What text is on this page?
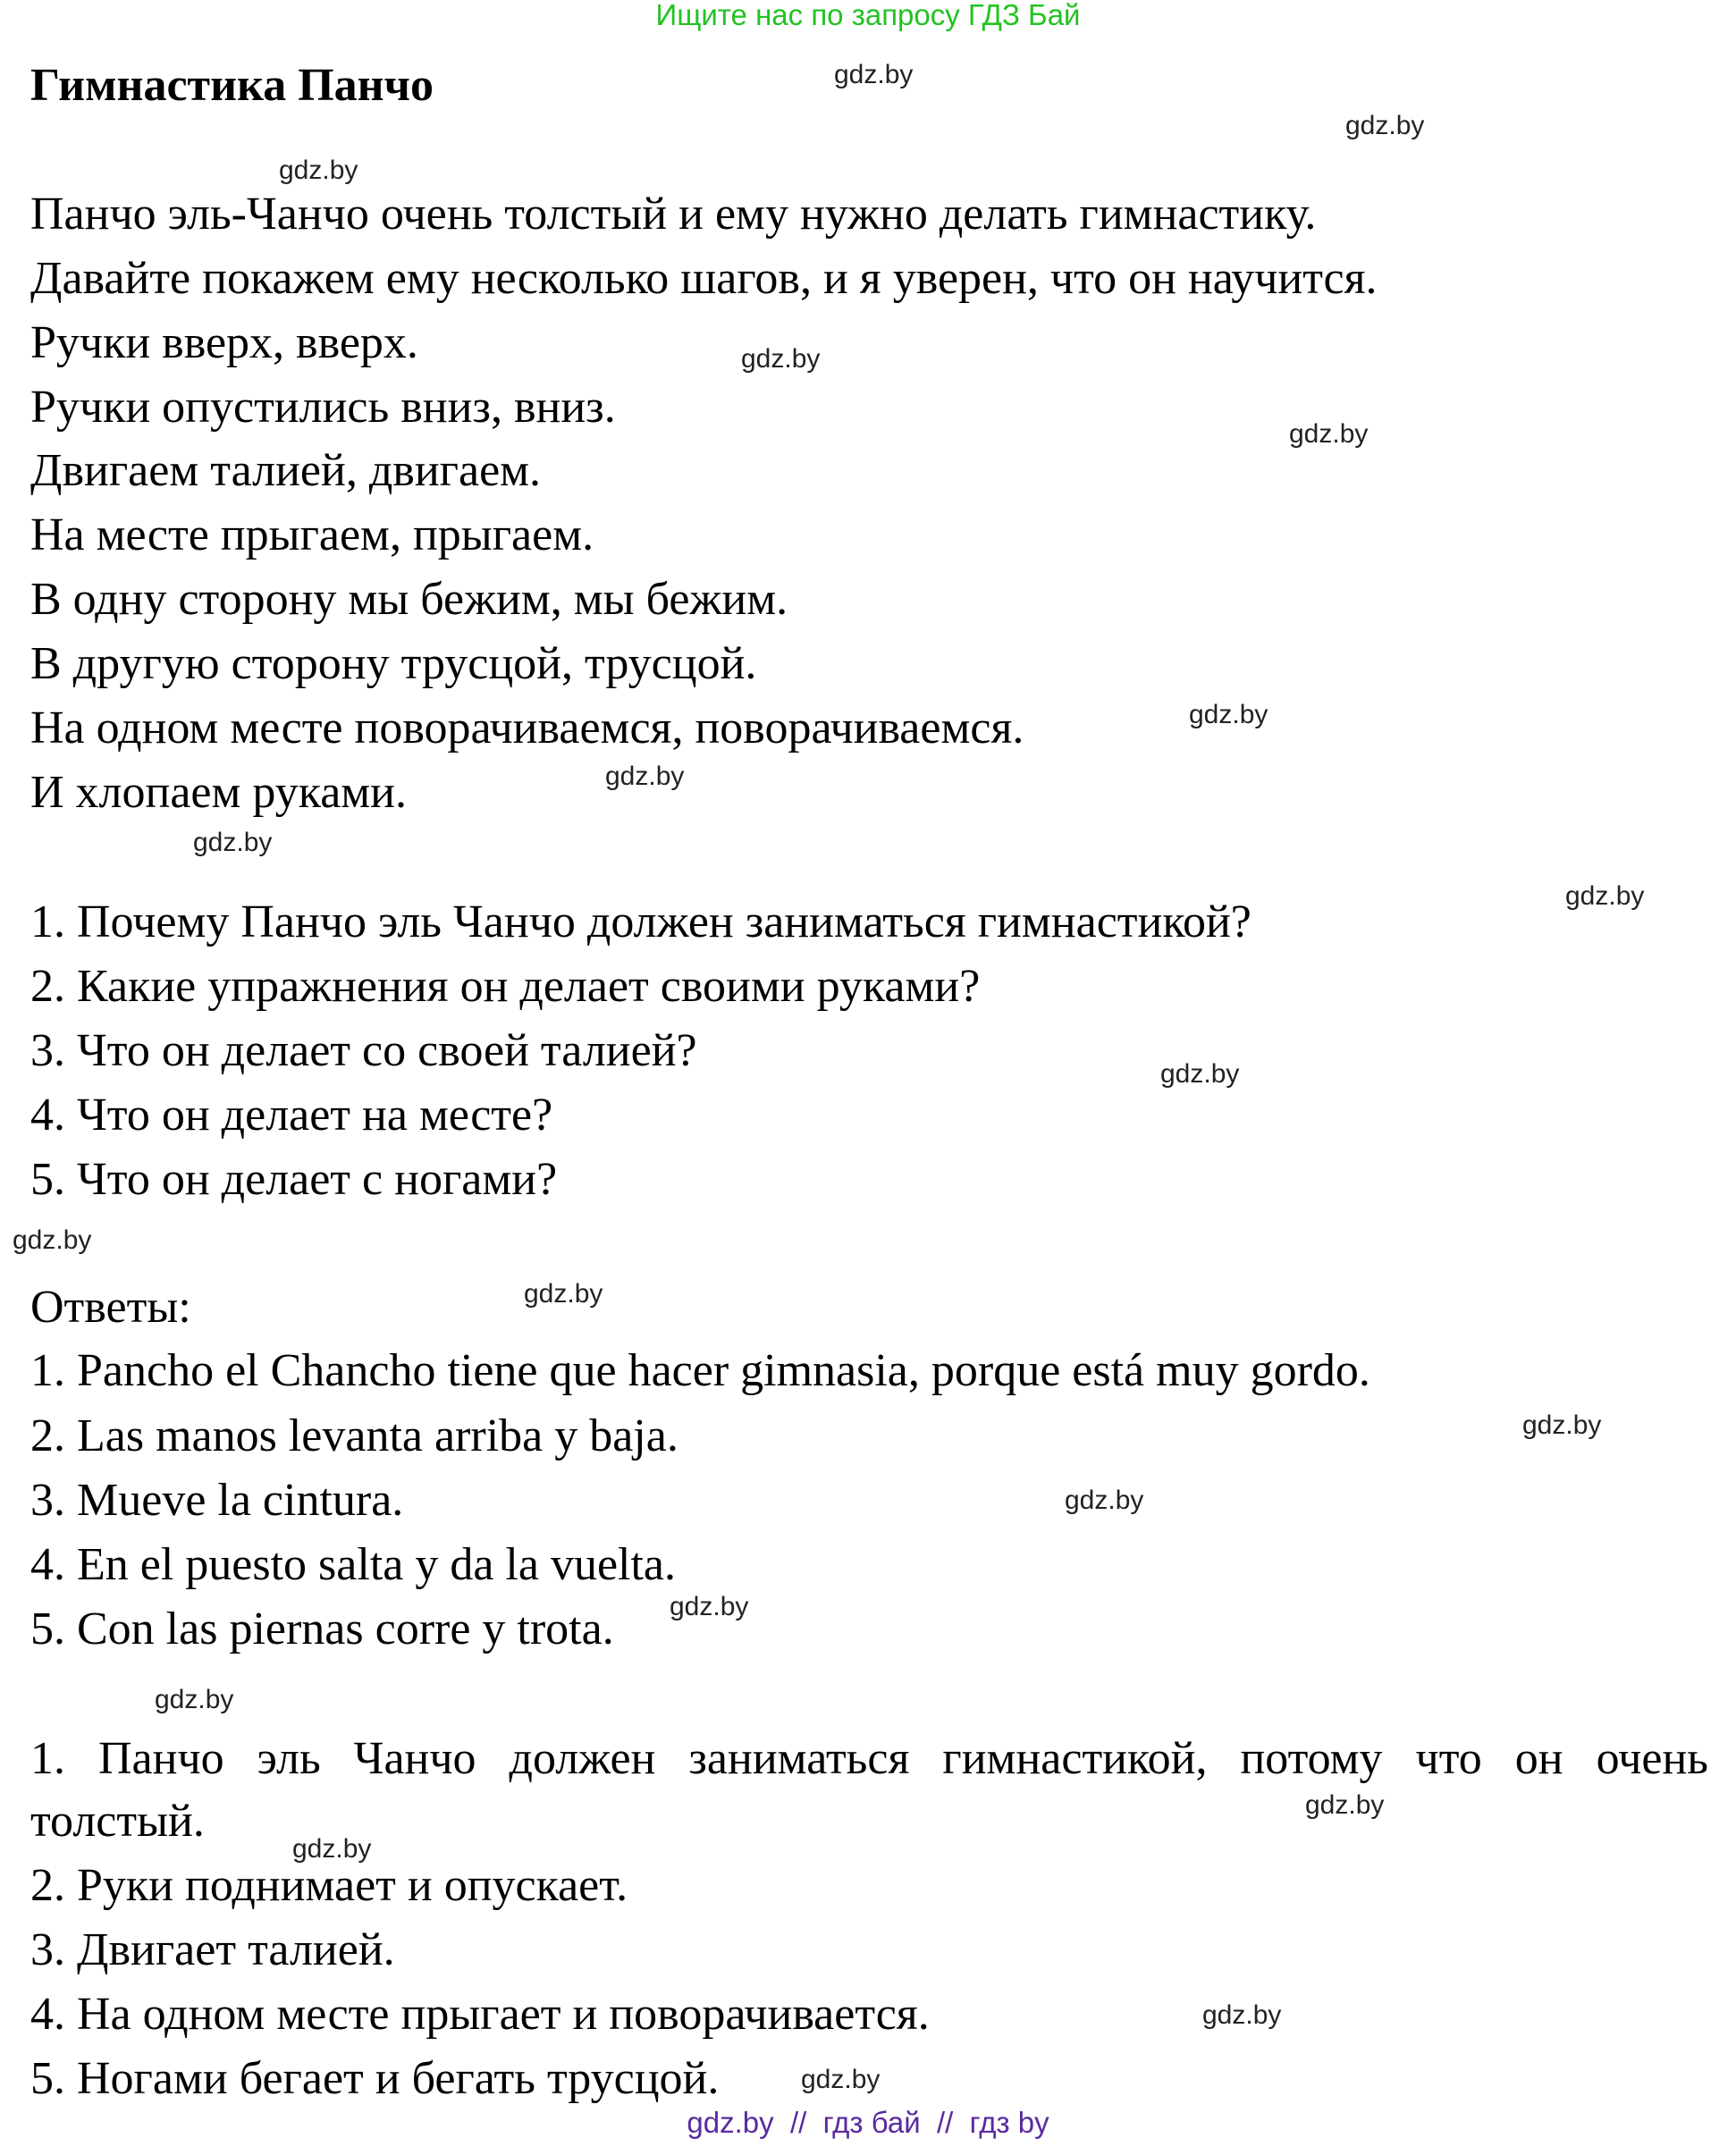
Ищите нас по запросу ГДЗ Бай
Гимнастика Панчо
Панчо эль-Чанчо очень толстый и ему нужно делать гимнастику.
Давайте покажем ему несколько шагов, и я уверен, что он научится.
Ручки вверх, вверх.
Ручки опустились вниз, вниз.
Двигаем талией, двигаем.
На месте прыгаем, прыгаем.
В одну сторону мы бежим, мы бежим.
В другую сторону трусцой, трусцой.
На одном месте поворачиваемся, поворачиваемся.
И хлопаем руками.
1. Почему Панчо эль Чанчо должен заниматься гимнастикой?
2. Какие упражнения он делает своими руками?
3. Что он делает со своей талией?
4. Что он делает на месте?
5. Что он делает с ногами?
Ответы:
1. Pancho el Chancho tiene que hacer gimnasia, porque está muy gordo.
2. Las manos levanta arriba y baja.
3. Mueve la cintura.
4. En el puesto salta y da la vuelta.
5. Con las piernas corre y trota.
1. Панчо эль Чанчо должен заниматься гимнастикой, потому что он очень
толстый.
2. Руки поднимает и опускает.
3. Двигает талией.
4. На одном месте прыгает и поворачивается.
5. Ногами бегает и бегать трусцой.
gdz.by
gdz.by
gdz.by
gdz.by
gdz.by
gdz.by
gdz.by
gdz.by
gdz.by
gdz.by
gdz.by
gdz.by
gdz.by
gdz.by
gdz.by
gdz.by
gdz.by
gdz.by
gdz.by
gdz.by
gdz.by  //  гдз бай  //  гдз by
